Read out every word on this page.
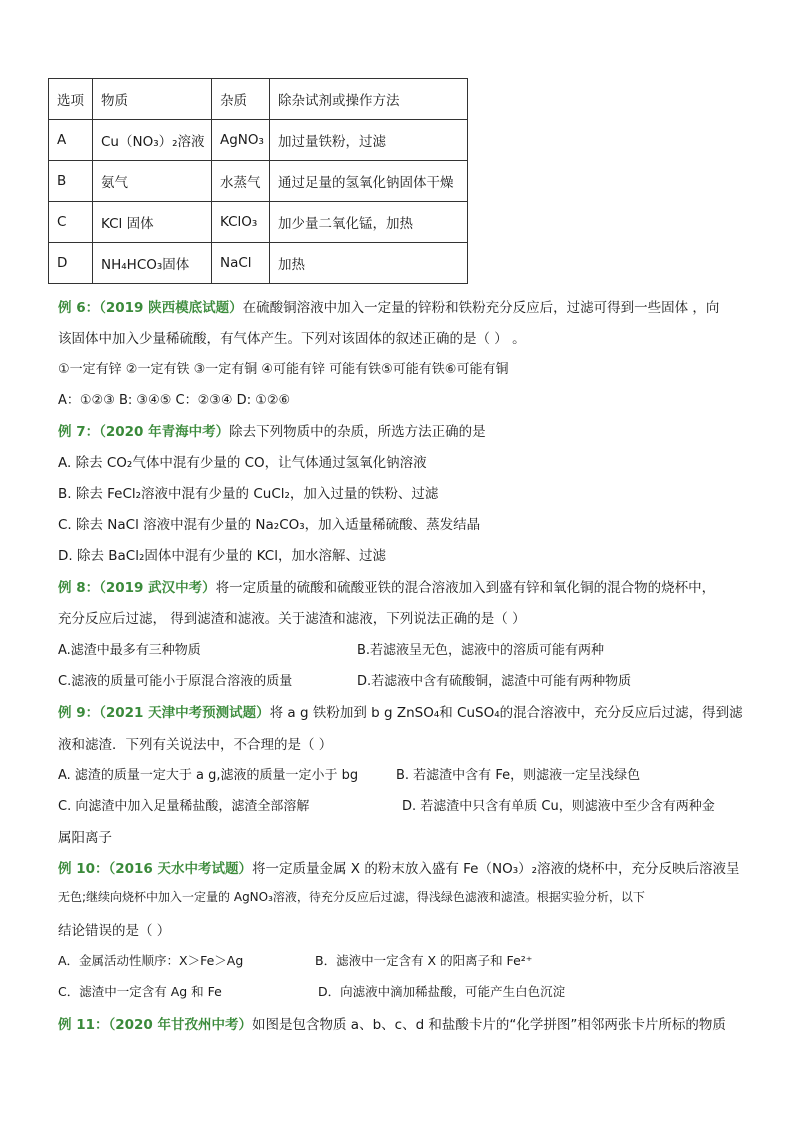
选项	物质	杂质	除杂试剂或操作方法
A	Cu（NO₃）₂溶液	AgNO₃	加过量铁粉，过滤
B	氨气	水蒸气	通过足量的氢氧化钠固体干燥
C	KCl 固体	KClO₃	加少量二氧化锰，加热
D	NH₄HCO₃固体	NaCl	加热
例 6：（2019 陕西模底试题）在硫酸铜溶液中加入一定量的锌粉和铁粉充分反应后，过滤可得到一些固体 ，向
该固体中加入少量稀硫酸，有气体产生。下列对该固体的叙述正确的是（ ） 。
①一定有锌 ②一定有铁 ③一定有铜 ④可能有锌 可能有铁⑤可能有铁⑥可能有铜
A：①②③ B: ③④⑤ C：②③④ D: ①②⑥
例 7：（2020 年青海中考）除去下列物质中的杂质，所选方法正确的是
A. 除去 CO₂气体中混有少量的 CO，让气体通过氢氧化钠溶液
B. 除去 FeCl₂溶液中混有少量的 CuCl₂，加入过量的铁粉、过滤
C. 除去 NaCl 溶液中混有少量的 Na₂CO₃，加入适量稀硫酸、蒸发结晶
D. 除去 BaCl₂固体中混有少量的 KCl，加水溶解、过滤
例 8：（2019 武汉中考）将一定质量的硫酸和硫酸亚铁的混合溶液加入到盛有锌和氧化铜的混合物的烧杯中，
充分反应后过滤， 得到滤渣和滤液。关于滤渣和滤液，下列说法正确的是（ ）
A.滤渣中最多有三种物质	B.若滤液呈无色，滤液中的溶质可能有两种
C.滤液的质量可能小于原混合溶液的质量	D.若滤液中含有硫酸铜，滤渣中可能有两种物质
例 9：（2021 天津中考预测试题）将 a g 铁粉加到 b g ZnSO₄和 CuSO₄的混合溶液中，充分反应后过滤，得到滤
液和滤渣．下列有关说法中，不合理的是（ ）
A. 滤渣的质量一定大于 a g,滤液的质量一定小于 bg	B. 若滤渣中含有 Fe，则滤液一定呈浅绿色
C. 向滤渣中加入足量稀盐酸，滤渣全部溶解	D. 若滤渣中只含有单质 Cu，则滤液中至少含有两种金
属阳离子
例 10：（2016 天水中考试题）将一定质量金属 X 的粉末放入盛有 Fe（NO₃）₂溶液的烧杯中，充分反映后溶液呈
无色;继续向烧杯中加入一定量的 AgNO₃溶液，待充分反应后过滤，得浅绿色滤液和滤渣。根据实验分析，以下
结论错误的是（ ）
A．金属活动性顺序：X＞Fe＞Ag	B．滤液中一定含有 X 的阳离子和 Fe²⁺
C．滤渣中一定含有 Ag 和 Fe	D．向滤液中滴加稀盐酸，可能产生白色沉淀
例 11：（2020 年甘孜州中考）如图是包含物质 a、b、c、d 和盐酸卡片的“化学拼图”相邻两张卡片所标的物质
